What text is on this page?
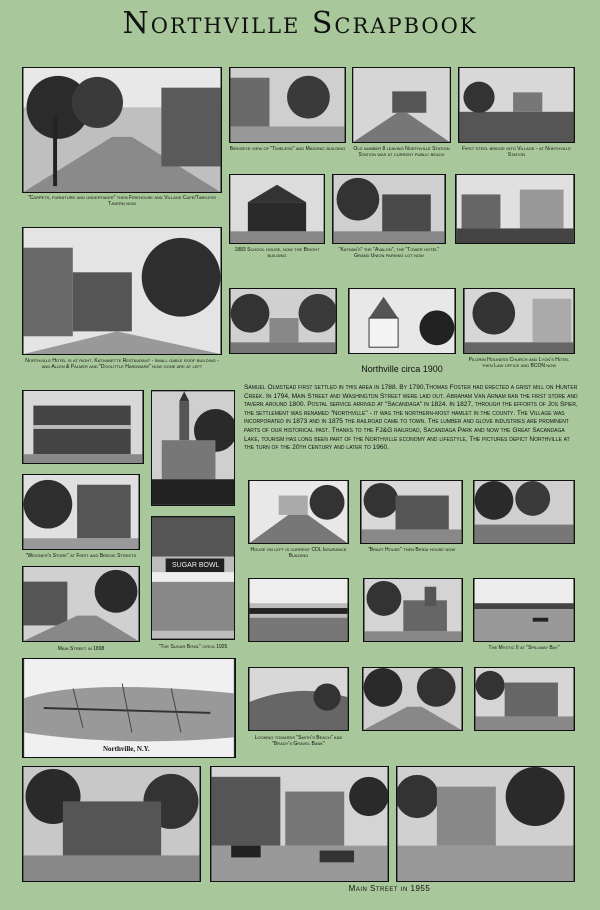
Northville Scrapbook
"Carpets, furniture and undertaker" then Firehouse and Village Cafe/Timeless Tavern now
Birdseye view of "Timeless" and Masonic building Old number 8 leaving Northville Station Station was at current public beach
First steel bridge into Village - at Northville Station
1883 School house, now the Bright building
"Kathan's" the "Avalon", the "Tower hotel" Grand Union parking lot now
Northville Hotel is at right. Kathanette Restaurant - small gable roof building - and Allen & Palmer and "Doolittle Hardware" now gone are at left	Northville circa 1900
Pilgrim Holiness Church and Lyon's Hotel then Law office and BCON now
Samuel Olmstead first settled in this area in 1788. By 1790,Thomas Foster had erected a grist mill on Hunter Creek. In 1794, Main Street and Washington Street were laid out. Abraham Van Arnam ran the first store and tavern around 1800. Postal service arrived at "Sacandaga" in 1824. In 1827, through the efforts of Jos Spier, the settlement was renamed "Northville" - it was the northern-most hamlet in the county. The Village was incorporated in 1873 and in 1875 the railroad came to town. The lumber and glove industries are prominent parts of our historical past. Thanks to the FJ&G railroad, Sacandaga Park and now the Great Sacandaga Lake, tourism has long been part of the Northville economy and lifestyle. The pictures depict Northville at the turn of the 20th century and later to 1960.
"Weigner's Store" at First and Bridge Streets
SUGAR BOWL
"The Sugar Bowl" circa 1925
House on left is current CDL Insurance Building
"Brazy House" then Brida house now
Main Street in 1898	The Mystic II at "Spillway Bay"
Northville, N.Y.
Looking towards "Smith's Beach" and "Brady's Gravel Bank"
Main Street in 1955
